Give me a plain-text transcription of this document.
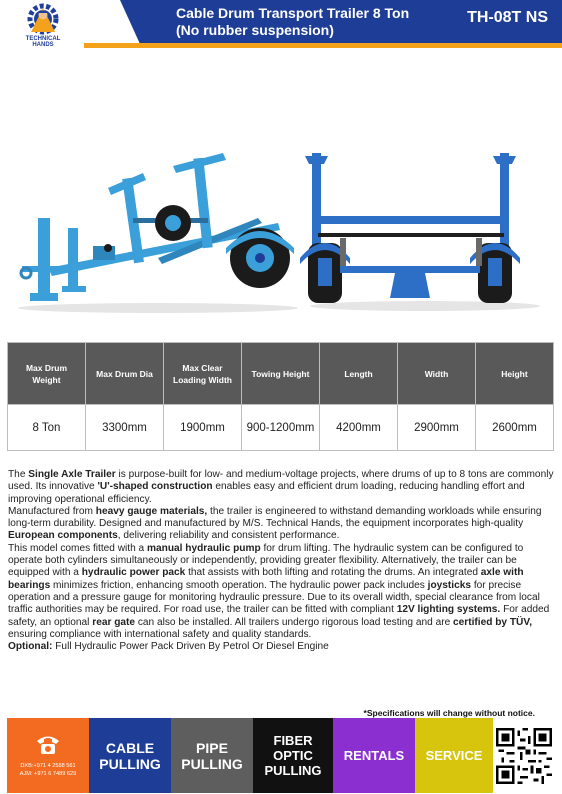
TECHNICAL
HANDS
Cable Drum Transport Trailer 8 Ton
(No rubber suspension)
TH-08T NS
Max Drum Weight	Max Drum Dia	Max Clear Loading Width	Towing Height	Length	Width	Height
8 Ton	3300mm	1900mm	900-1200mm	4200mm	2900mm	2600mm

The Single Axle Trailer is purpose-built for low- and medium-voltage projects, where drums of up to 8 tons are commonly used. Its innovative 'U'-shaped construction enables easy and efficient drum loading, reducing handling effort and improving operational efficiency.

Manufactured from heavy gauge materials, the trailer is engineered to withstand demanding workloads while ensuring long-term durability. Designed and manufactured by M/S. Technical Hands, the equipment incorporates high-quality European components, delivering reliability and consistent performance.

This model comes fitted with a manual hydraulic pump for drum lifting. The hydraulic system can be configured to operate both cylinders simultaneously or independently, providing greater flexibility. Alternatively, the trailer can be equipped with a hydraulic power pack that assists with both lifting and rotating the drums. An integrated axle with bearings minimizes friction, enhancing smooth operation. The hydraulic power pack includes joysticks for precise operation and a pressure gauge for monitoring hydraulic pressure. Due to its overall width, special clearance from local traffic authorities may be required. For road use, the trailer can be fitted with compliant 12V lighting systems. For added safety, an optional rear gate can also be installed. All trailers undergo rigorous load testing and are certified by TÜV, ensuring compliance with international safety and quality standards.

Optional: Full Hydraulic Power Pack Driven By Petrol Or Diesel Engine

*Specifications will change without notice.
DXB:+971 4 2588 561
AJM: +971 6 7489 629
CABLE
PULLING
PIPE
PULLING
FIBER
OPTIC
PULLING
RENTALS SERVICE
